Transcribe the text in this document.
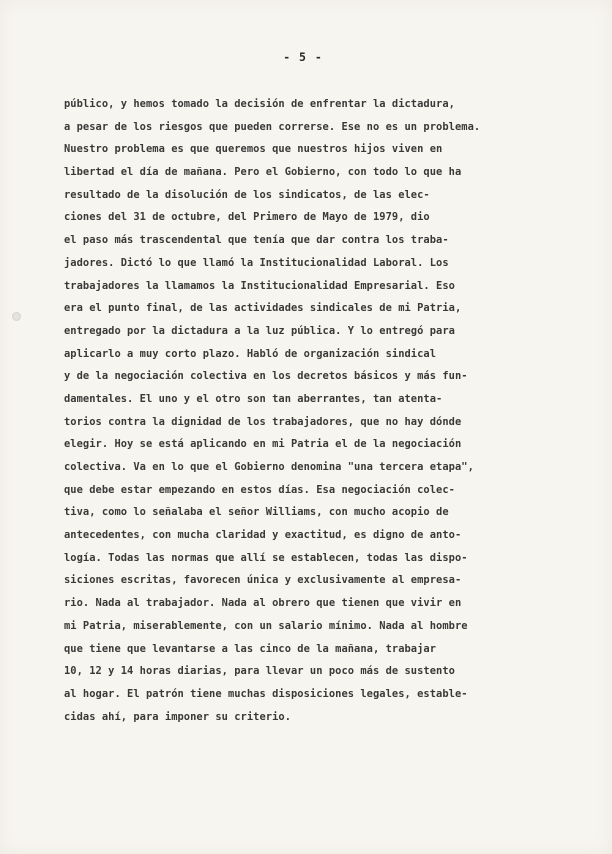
- 5 -
público, y hemos tomado la decisión de enfrentar la dictadura,
a pesar de los riesgos que pueden correrse. Ese no es un problema.
Nuestro problema es que queremos que nuestros hijos viven en
libertad el día de mañana. Pero el Gobierno, con todo lo que ha
resultado de la disolución de los sindicatos, de las elec-
ciones del 31 de octubre, del Primero de Mayo de 1979, dio
el paso más trascendental que tenía que dar contra los traba-
jadores. Dictó lo que llamó la Institucionalidad Laboral. Los
trabajadores la llamamos la Institucionalidad Empresarial. Eso
era el punto final, de las actividades sindicales de mi Patria,
entregado por la dictadura a la luz pública. Y lo entregó para
aplicarlo a muy corto plazo. Habló de organización sindical
y de la negociación colectiva en los decretos básicos y más fun-
damentales. El uno y el otro son tan aberrantes, tan atenta-
torios contra la dignidad de los trabajadores, que no hay dónde
elegir. Hoy se está aplicando en mi Patria el de la negociación
colectiva. Va en lo que el Gobierno denomina "una tercera etapa",
que debe estar empezando en estos días. Esa negociación colec-
tiva, como lo señalaba el señor Williams, con mucho acopio de
antecedentes, con mucha claridad y exactitud, es digno de anto-
logía. Todas las normas que allí se establecen, todas las dispo-
siciones escritas, favorecen única y exclusivamente al empresa-
rio. Nada al trabajador. Nada al obrero que tienen que vivir en
mi Patria, miserablemente, con un salario mínimo. Nada al hombre
que tiene que levantarse a las cinco de la mañana, trabajar
10, 12 y 14 horas diarias, para llevar un poco más de sustento
al hogar. El patrón tiene muchas disposiciones legales, estable-
cidas ahí, para imponer su criterio.
